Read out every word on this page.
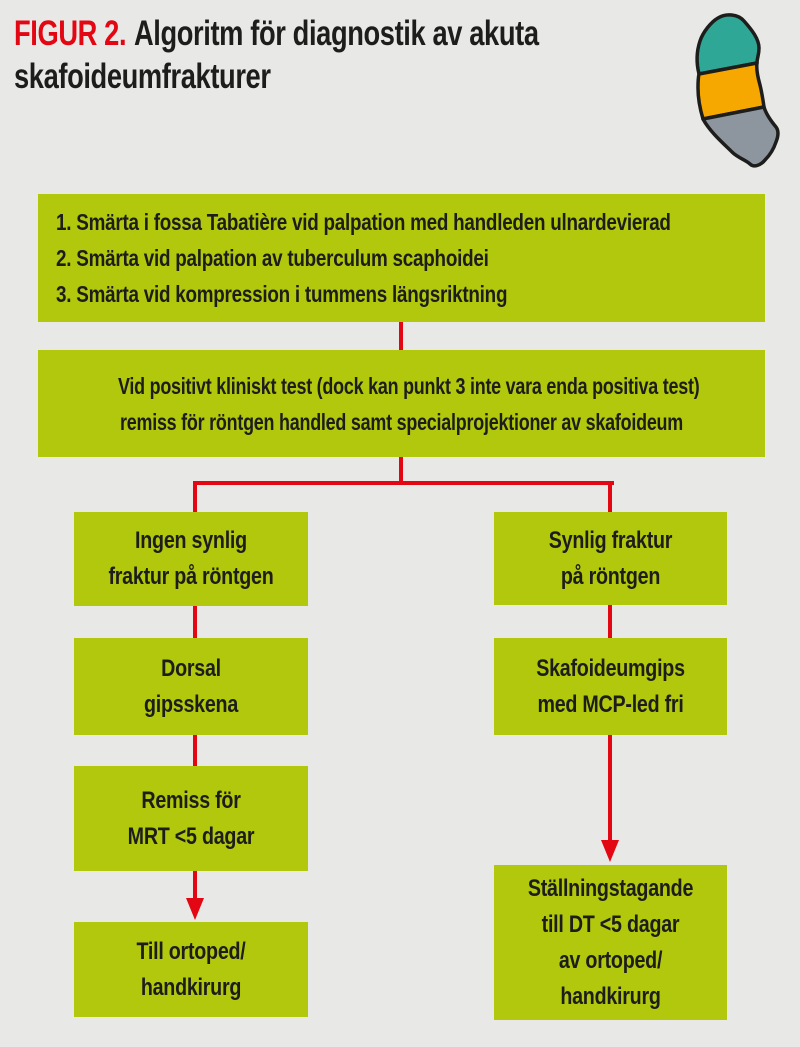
FIGUR 2. Algoritm för diagnostik av akuta
skafoideumfrakturer
1. Smärta i fossa Tabatière vid palpation med handleden ulnardevierad
2. Smärta vid palpation av tuberculum scaphoidei
3. Smärta vid kompression i tummens längsriktning
Vid positivt kliniskt test (dock kan punkt 3 inte vara enda positiva test)
remiss för röntgen handled samt specialprojektioner av skafoideum
Ingen synlig
fraktur på röntgen
Dorsal
gipsskena
Remiss för
MRT <5 dagar
Till ortoped/
handkirurg
Synlig fraktur
på röntgen
Skafoideumgips
med MCP-led fri
Ställningstagande
till DT <5 dagar
av ortoped/
handkirurg
